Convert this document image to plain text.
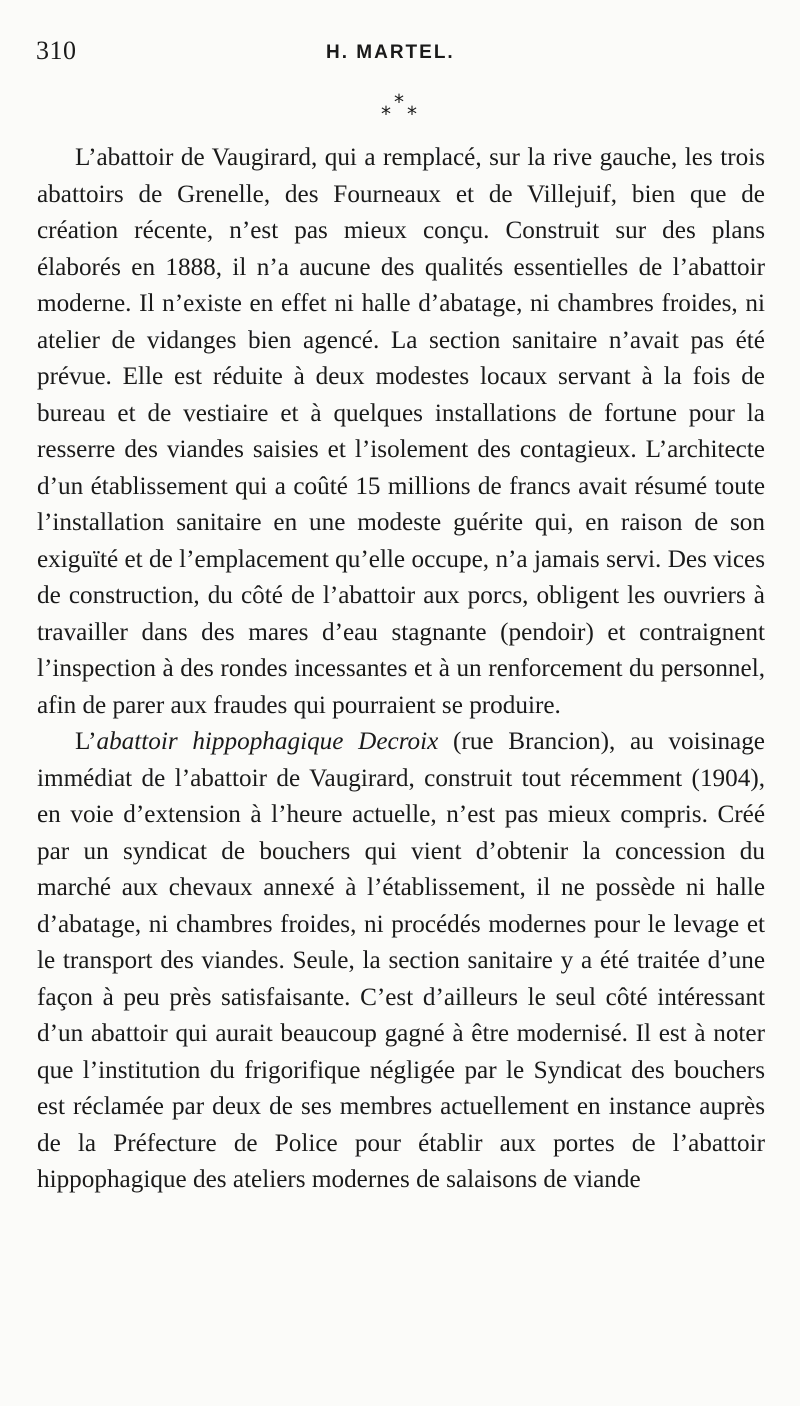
310	H. MARTEL.
*
* *

L’abattoir de Vaugirard, qui a remplacé, sur la rive gauche, les trois abattoirs de Grenelle, des Fourneaux et de Villejuif, bien que de création récente, n’est pas mieux conçu. Construit sur des plans élaborés en 1888, il n’a aucune des qualités essentielles de l’abattoir moderne. Il n’existe en effet ni halle d’abatage, ni chambres froides, ni atelier de vidanges bien agencé. La section sanitaire n’avait pas été prévue. Elle est réduite à deux modestes locaux servant à la fois de bureau et de vestiaire et à quelques installations de fortune pour la resserre des viandes saisies et l’isolement des contagieux. L’architecte d’un établissement qui a coûté 15 millions de francs avait résumé toute l’installation sanitaire en une modeste guérite qui, en raison de son exiguïté et de l’emplacement qu’elle occupe, n’a jamais servi. Des vices de construction, du côté de l’abattoir aux porcs, obligent les ouvriers à travailler dans des mares d’eau stagnante (pendoir) et contraignent l’inspection à des rondes incessantes et à un renforcement du personnel, afin de parer aux fraudes qui pourraient se produire.

L’abattoir hippophagique Decroix (rue Brancion), au voisinage immédiat de l’abattoir de Vaugirard, construit tout récemment (1904), en voie d’extension à l’heure actuelle, n’est pas mieux compris. Créé par un syndicat de bouchers qui vient d’obtenir la concession du marché aux chevaux annexé à l’établissement, il ne possède ni halle d’abatage, ni chambres froides, ni procédés modernes pour le levage et le transport des viandes. Seule, la section sanitaire y a été traitée d’une façon à peu près satisfaisante. C’est d’ailleurs le seul côté intéressant d’un abattoir qui aurait beaucoup gagné à être modernisé. Il est à noter que l’institution du frigorifique négligée par le Syndicat des bouchers est réclamée par deux de ses membres actuellement en instance auprès de la Préfecture de Police pour établir aux portes de l’abattoir hippophagique des ateliers modernes de salaisons de viande
